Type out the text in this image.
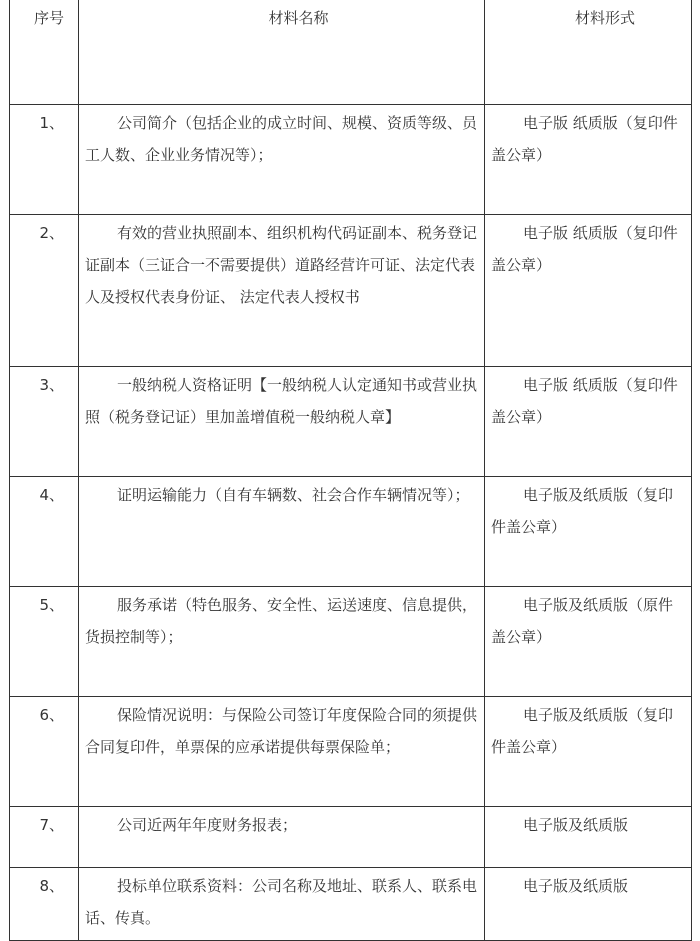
序号	材料名称	材料形式
1、	公司简介（包括企业的成立时间、规模、资质等级、员工人数、企业业务情况等）；	电子版 纸质版（复印件盖公章）
2、	有效的营业执照副本、组织机构代码证副本、税务登记证副本（三证合一不需要提供）道路经营许可证、法定代表人及授权代表身份证、 法定代表人授权书	电子版 纸质版（复印件盖公章）
3、	一般纳税人资格证明【一般纳税人认定通知书或营业执照（税务登记证）里加盖增值税一般纳税人章】	电子版 纸质版（复印件盖公章）
4、	证明运输能力（自有车辆数、社会合作车辆情况等）；	电子版及纸质版（复印件盖公章）
5、	服务承诺（特色服务、安全性、运送速度、信息提供，货损控制等）；	电子版及纸质版（原件盖公章）
6、	保险情况说明：与保险公司签订年度保险合同的须提供合同复印件，单票保的应承诺提供每票保险单；	电子版及纸质版（复印件盖公章）
7、	公司近两年年度财务报表；	电子版及纸质版
8、	投标单位联系资料：公司名称及地址、联系人、联系电话、传真。	电子版及纸质版
